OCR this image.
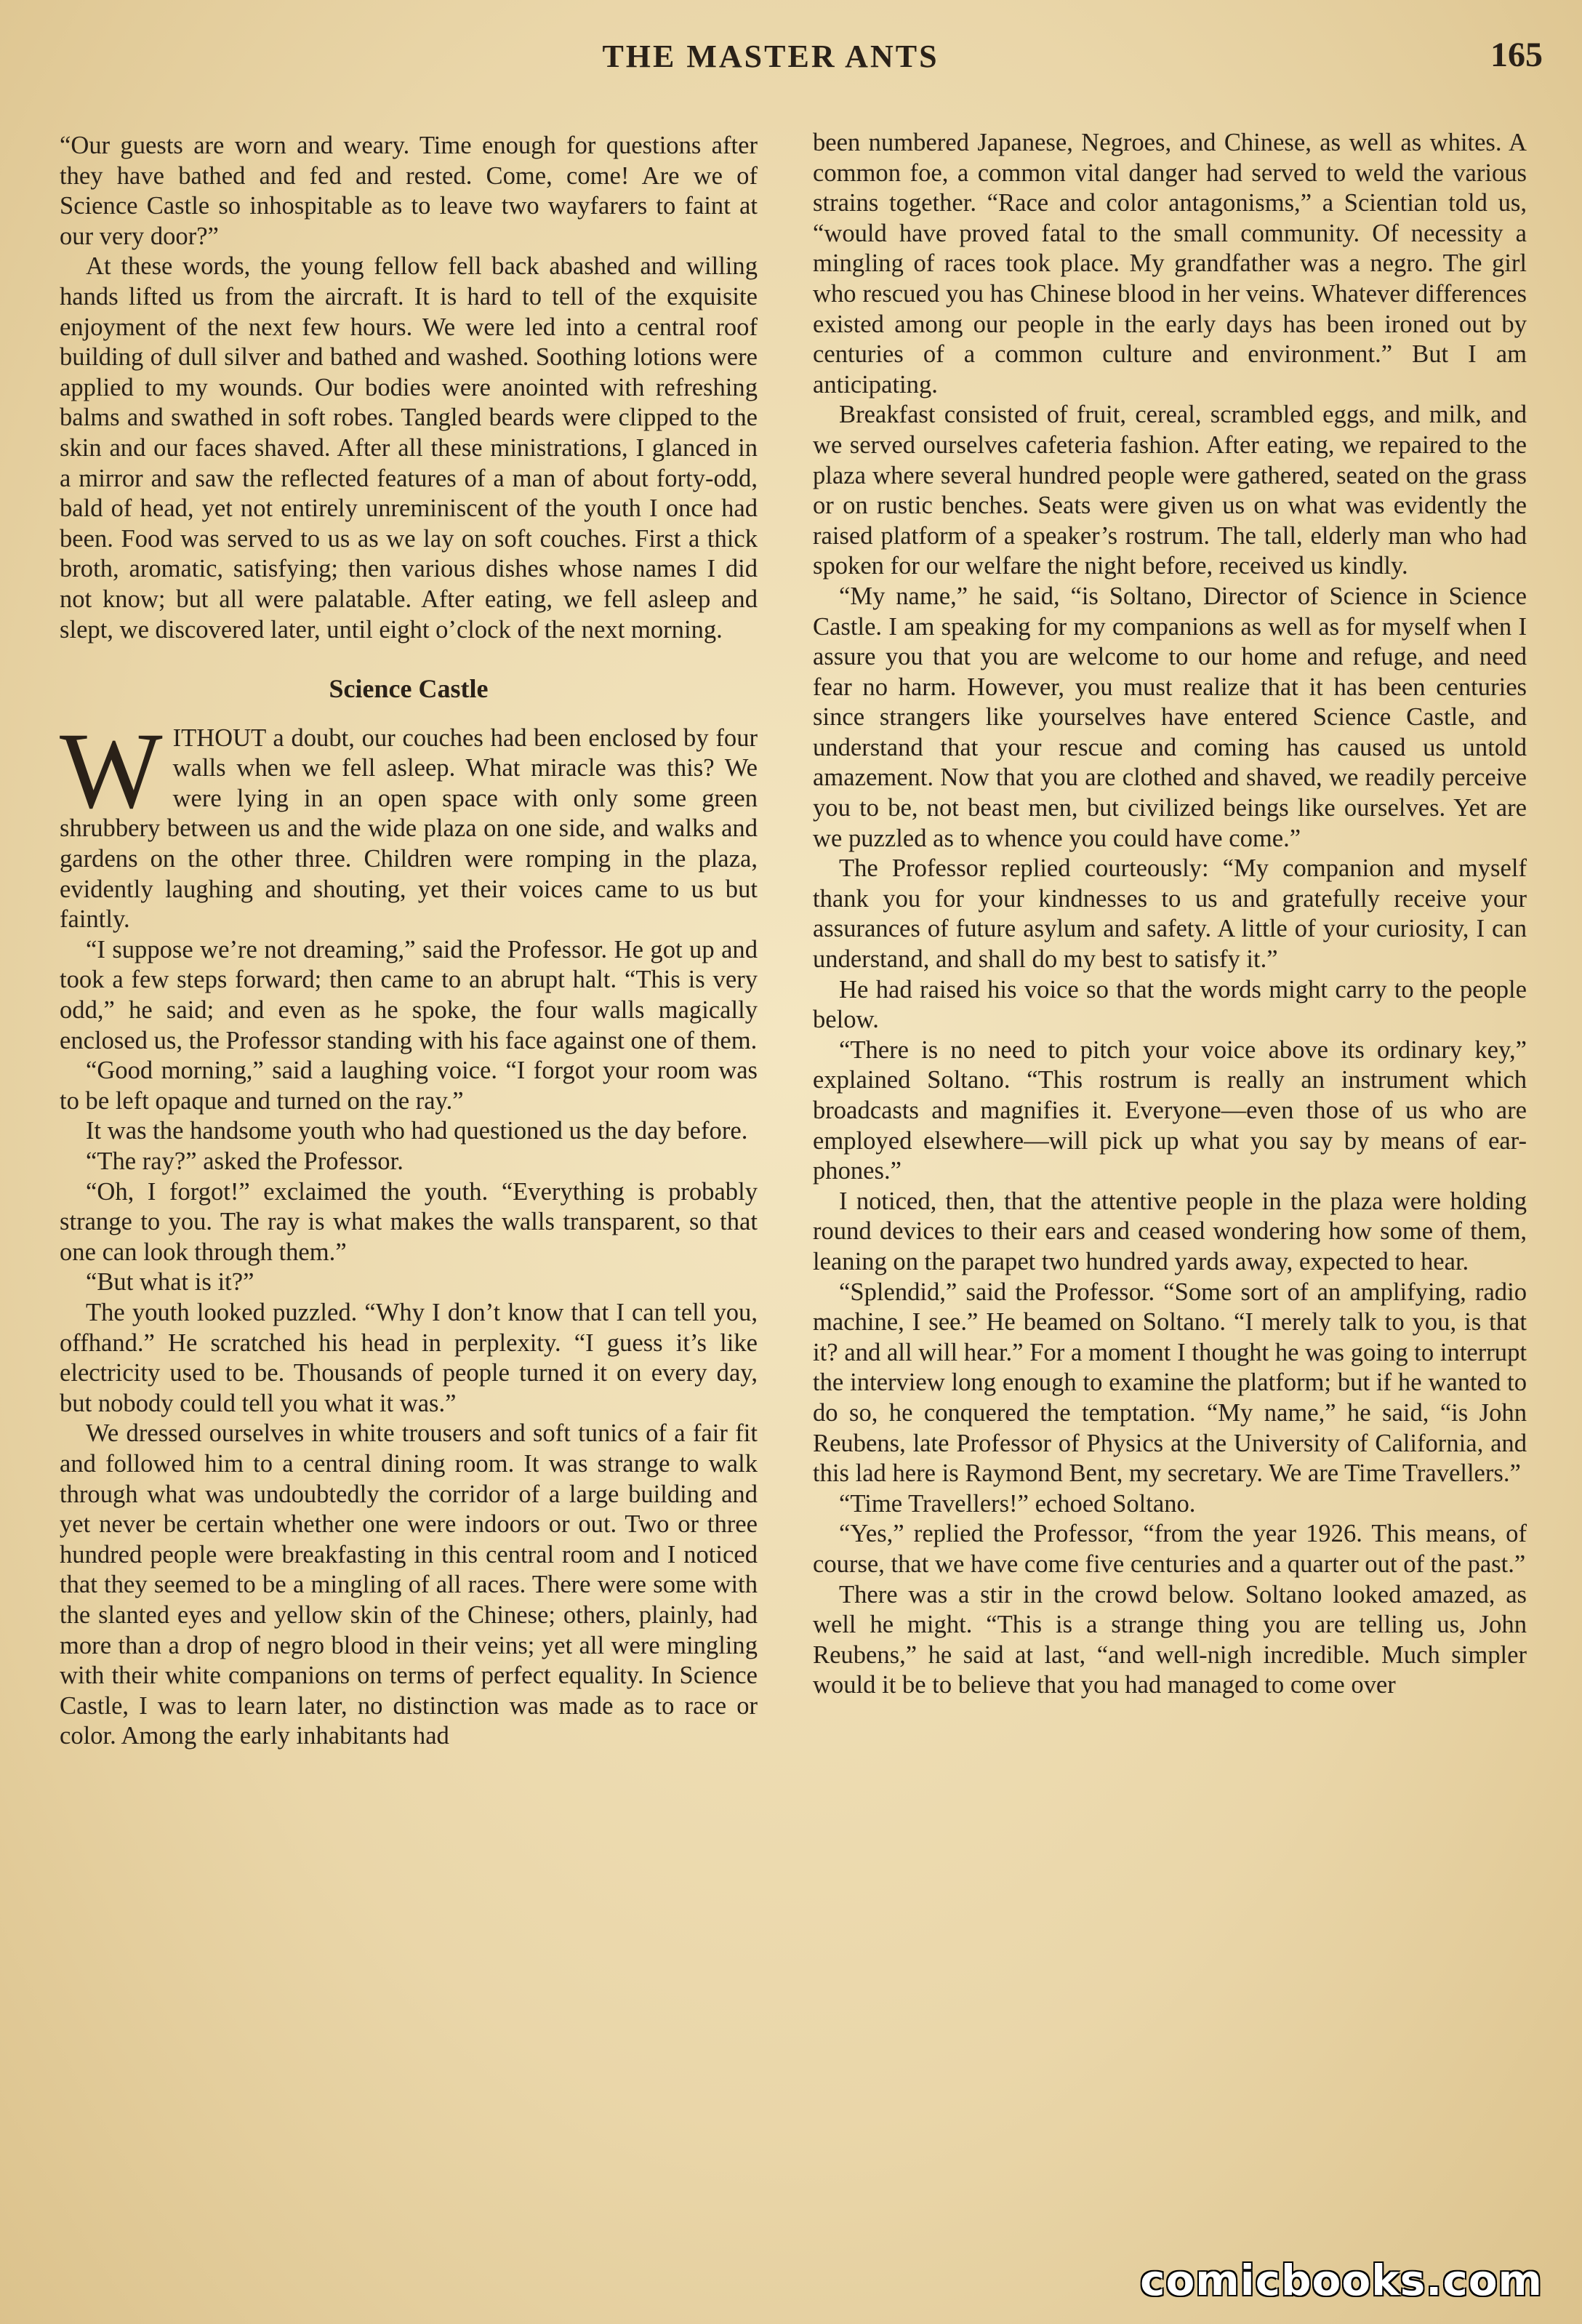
THE MASTER ANTS	165

“Our guests are worn and weary. Time enough for questions after they have bathed and fed and rested. Come, come! Are we of Science Castle so inhospitable as to leave two wayfarers to faint at our very door?”

At these words, the young fellow fell back abashed and willing hands lifted us from the aircraft. It is hard to tell of the exquisite enjoyment of the next few hours. We were led into a central roof building of dull silver and bathed and washed. Soothing lotions were applied to my wounds. Our bodies were anointed with refreshing balms and swathed in soft robes. Tangled beards were clipped to the skin and our faces shaved. After all these ministrations, I glanced in a mirror and saw the reflected features of a man of about forty-odd, bald of head, yet not entirely unreminiscent of the youth I once had been. Food was served to us as we lay on soft couches. First a thick broth, aromatic, satisfying; then various dishes whose names I did not know; but all were palatable. After eating, we fell asleep and slept, we discovered later, until eight o’clock of the next morning.

Science Castle

WITHOUT a doubt, our couches had been enclosed by four walls when we fell asleep. What miracle was this? We were lying in an open space with only some green shrubbery between us and the wide plaza on one side, and walks and gardens on the other three. Children were romping in the plaza, evidently laughing and shouting, yet their voices came to us but faintly.

“I suppose we’re not dreaming,” said the Professor. He got up and took a few steps forward; then came to an abrupt halt. “This is very odd,” he said; and even as he spoke, the four walls magically enclosed us, the Professor standing with his face against one of them.

“Good morning,” said a laughing voice. “I forgot your room was to be left opaque and turned on the ray.”

It was the handsome youth who had questioned us the day before.

“The ray?” asked the Professor.

“Oh, I forgot!” exclaimed the youth. “Everything is probably strange to you. The ray is what makes the walls transparent, so that one can look through them.”

“But what is it?”

The youth looked puzzled. “Why I don’t know that I can tell you, offhand.” He scratched his head in perplexity. “I guess it’s like electricity used to be. Thousands of people turned it on every day, but nobody could tell you what it was.”

We dressed ourselves in white trousers and soft tunics of a fair fit and followed him to a central dining room. It was strange to walk through what was undoubtedly the corridor of a large building and yet never be certain whether one were indoors or out. Two or three hundred people were breakfasting in this central room and I noticed that they seemed to be a mingling of all races. There were some with the slanted eyes and yellow skin of the Chinese; others, plainly, had more than a drop of negro blood in their veins; yet all were mingling with their white companions on terms of perfect equality. In Science Castle, I was to learn later, no distinction was made as to race or color. Among the early inhabitants had

been numbered Japanese, Negroes, and Chinese, as well as whites. A common foe, a common vital danger had served to weld the various strains together. “Race and color antagonisms,” a Scientian told us, “would have proved fatal to the small community. Of necessity a mingling of races took place. My grandfather was a negro. The girl who rescued you has Chinese blood in her veins. Whatever differences existed among our people in the early days has been ironed out by centuries of a common culture and environment.” But I am anticipating.

Breakfast consisted of fruit, cereal, scrambled eggs, and milk, and we served ourselves cafeteria fashion. After eating, we repaired to the plaza where several hundred people were gathered, seated on the grass or on rustic benches. Seats were given us on what was evidently the raised platform of a speaker’s rostrum. The tall, elderly man who had spoken for our welfare the night before, received us kindly.

“My name,” he said, “is Soltano, Director of Science in Science Castle. I am speaking for my companions as well as for myself when I assure you that you are welcome to our home and refuge, and need fear no harm. However, you must realize that it has been centuries since strangers like yourselves have entered Science Castle, and understand that your rescue and coming has caused us untold amazement. Now that you are clothed and shaved, we readily perceive you to be, not beast men, but civilized beings like ourselves. Yet are we puzzled as to whence you could have come.”

The Professor replied courteously: “My companion and myself thank you for your kindnesses to us and gratefully receive your assurances of future asylum and safety. A little of your curiosity, I can understand, and shall do my best to satisfy it.”

He had raised his voice so that the words might carry to the people below.

“There is no need to pitch your voice above its ordinary key,” explained Soltano. “This rostrum is really an instrument which broadcasts and magnifies it. Everyone—even those of us who are employed elsewhere—will pick up what you say by means of ear-phones.”

I noticed, then, that the attentive people in the plaza were holding round devices to their ears and ceased wondering how some of them, leaning on the parapet two hundred yards away, expected to hear.

“Splendid,” said the Professor. “Some sort of an amplifying, radio machine, I see.” He beamed on Soltano. “I merely talk to you, is that it? and all will hear.” For a moment I thought he was going to interrupt the interview long enough to examine the platform; but if he wanted to do so, he conquered the temptation. “My name,” he said, “is John Reubens, late Professor of Physics at the University of California, and this lad here is Raymond Bent, my secretary. We are Time Travellers.”

“Time Travellers!” echoed Soltano.

“Yes,” replied the Professor, “from the year 1926. This means, of course, that we have come five centuries and a quarter out of the past.”

There was a stir in the crowd below. Soltano looked amazed, as well he might. “This is a strange thing you are telling us, John Reubens,” he said at last, “and well-nigh incredible. Much simpler would it be to believe that you had managed to come over

comicbooks.com
